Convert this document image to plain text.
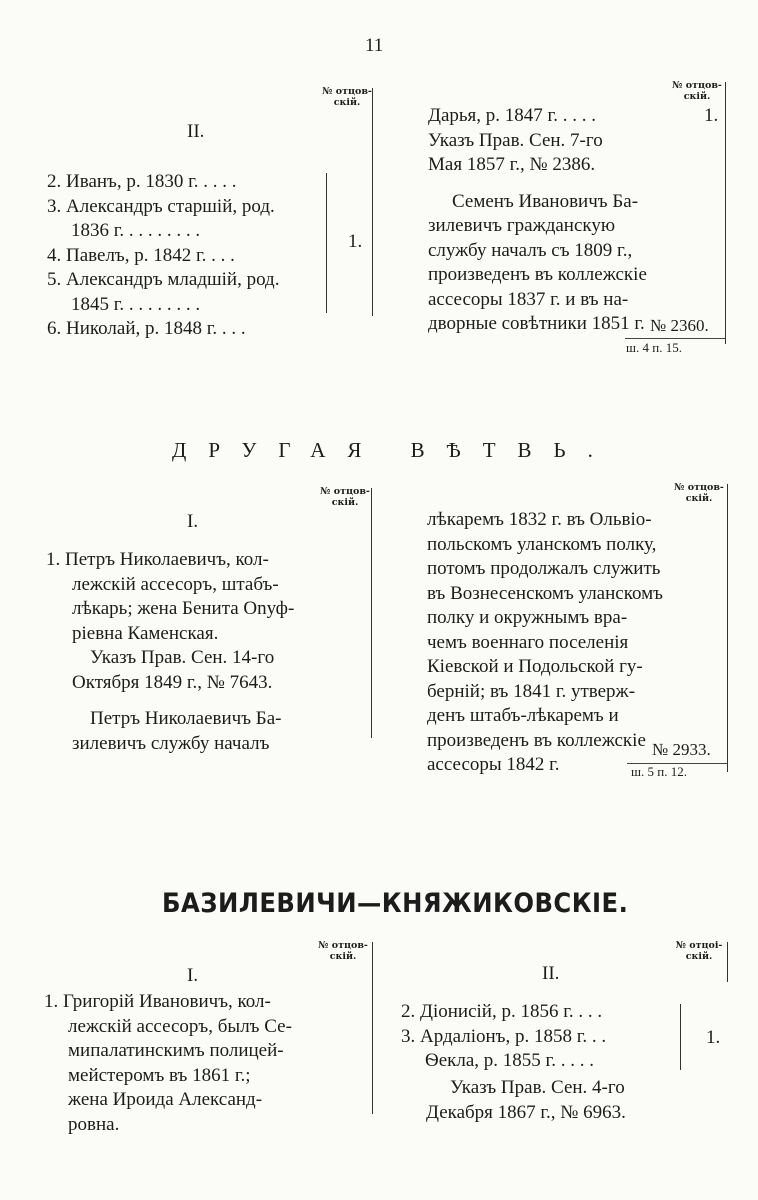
11
№ отцов-
скій.
II.
2. Иванъ, р. 1830 г. . . . .
3. Александръ старшій, род.
1836 г. . . . . . . . .
4. Павелъ, р. 1842 г. . . .
5. Александръ младшій, род.
1845 г. . . . . . . . .
6. Николай, р. 1848 г. . . .
1.
№ отцов-
скій.
Дарья, р. 1847 г. . . . .
Указъ Прав. Сен. 7-го
Мая 1857 г., № 2386.
Семенъ Ивановичъ Ба-
зилевичъ гражданскую
службу началъ съ 1809 г.,
произведенъ въ коллежскіе
ассесоры 1837 г. и въ на-
дворные совѣтники 1851 г.
1.
№ 2360.
ш. 4 п. 15.
ДРУГАЯ ВѢТВЬ.
№ отцов-
скій.
I.
1. Петръ Николаевичъ, кол-
лежскій ассесоръ, штабъ-
лѣкарь; жена Бенита Onуф-
ріевна Каменская.
Указъ Прав. Сен. 14-го
Октября 1849 г., № 7643.
Петръ Николаевичъ Ба-
зилевичъ службу началъ
№ отцов-
скій.
лѣкаремъ 1832 г. въ Ольвіо-
польскомъ уланскомъ полку,
потомъ продолжалъ служить
въ Вознесенскомъ уланскомъ
полку и окружнымъ вра-
чемъ военнаго поселенія
Кіевской и Подольской гу-
берній; въ 1841 г. утверж-
денъ штабъ-лѣкаремъ и
произведенъ въ коллежскіе
ассесоры 1842 г.
№ 2933.
ш. 5 п. 12.
БАЗИЛЕВИЧИ—КНЯЖИКОВСКІЕ.
№ отцов-
скій.
I.
1. Григорій Ивановичъ, кол-
лежскій ассесоръ, былъ Се-
мипалатинскимъ полицей-
мейстеромъ въ 1861 г.;
жена Ироида Александ-
ровна.
№ отцоі-
скій.
II.
2. Діонисій, р. 1856 г. . . .
3. Ардаліонъ, р. 1858 г. . .
Ѳекла, р. 1855 г. . . . .
1.
Указъ Прав. Сен. 4-го
Декабря 1867 г., № 6963.
